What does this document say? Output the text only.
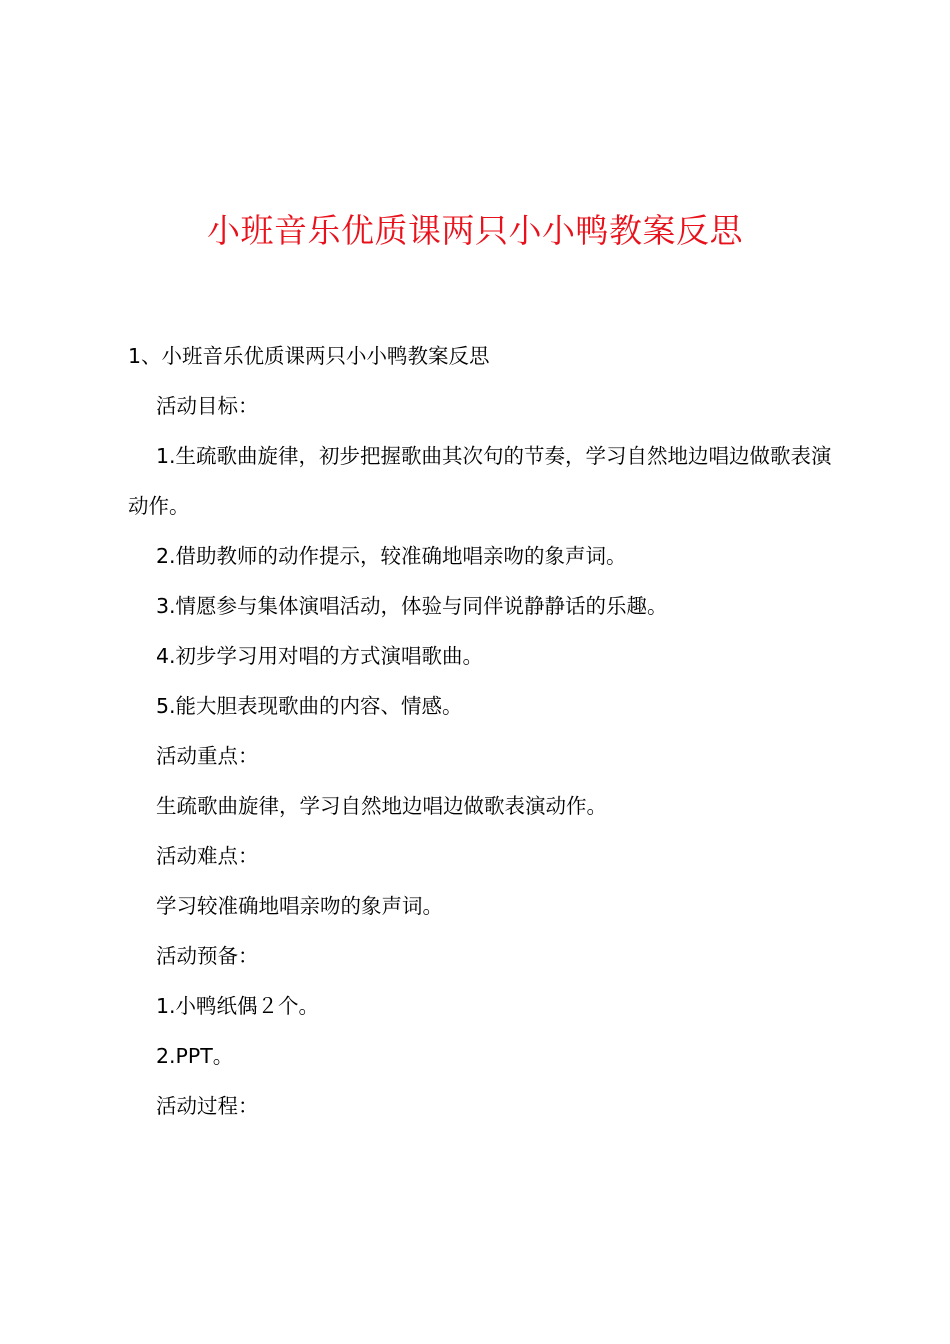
小班音乐优质课两只小小鸭教案反思
1、小班音乐优质课两只小小鸭教案反思
活动目标：
1.生疏歌曲旋律，初步把握歌曲其次句的节奏，学习自然地边唱边做歌表演动作。
2.借助教师的动作提示，较准确地唱亲吻的象声词。
3.情愿参与集体演唱活动，体验与同伴说静静话的乐趣。
4.初步学习用对唱的方式演唱歌曲。
5.能大胆表现歌曲的内容、情感。
活动重点：
生疏歌曲旋律，学习自然地边唱边做歌表演动作。
活动难点：
学习较准确地唱亲吻的象声词。
活动预备：
1.小鸭纸偶２个。
2.PPT。
活动过程：
